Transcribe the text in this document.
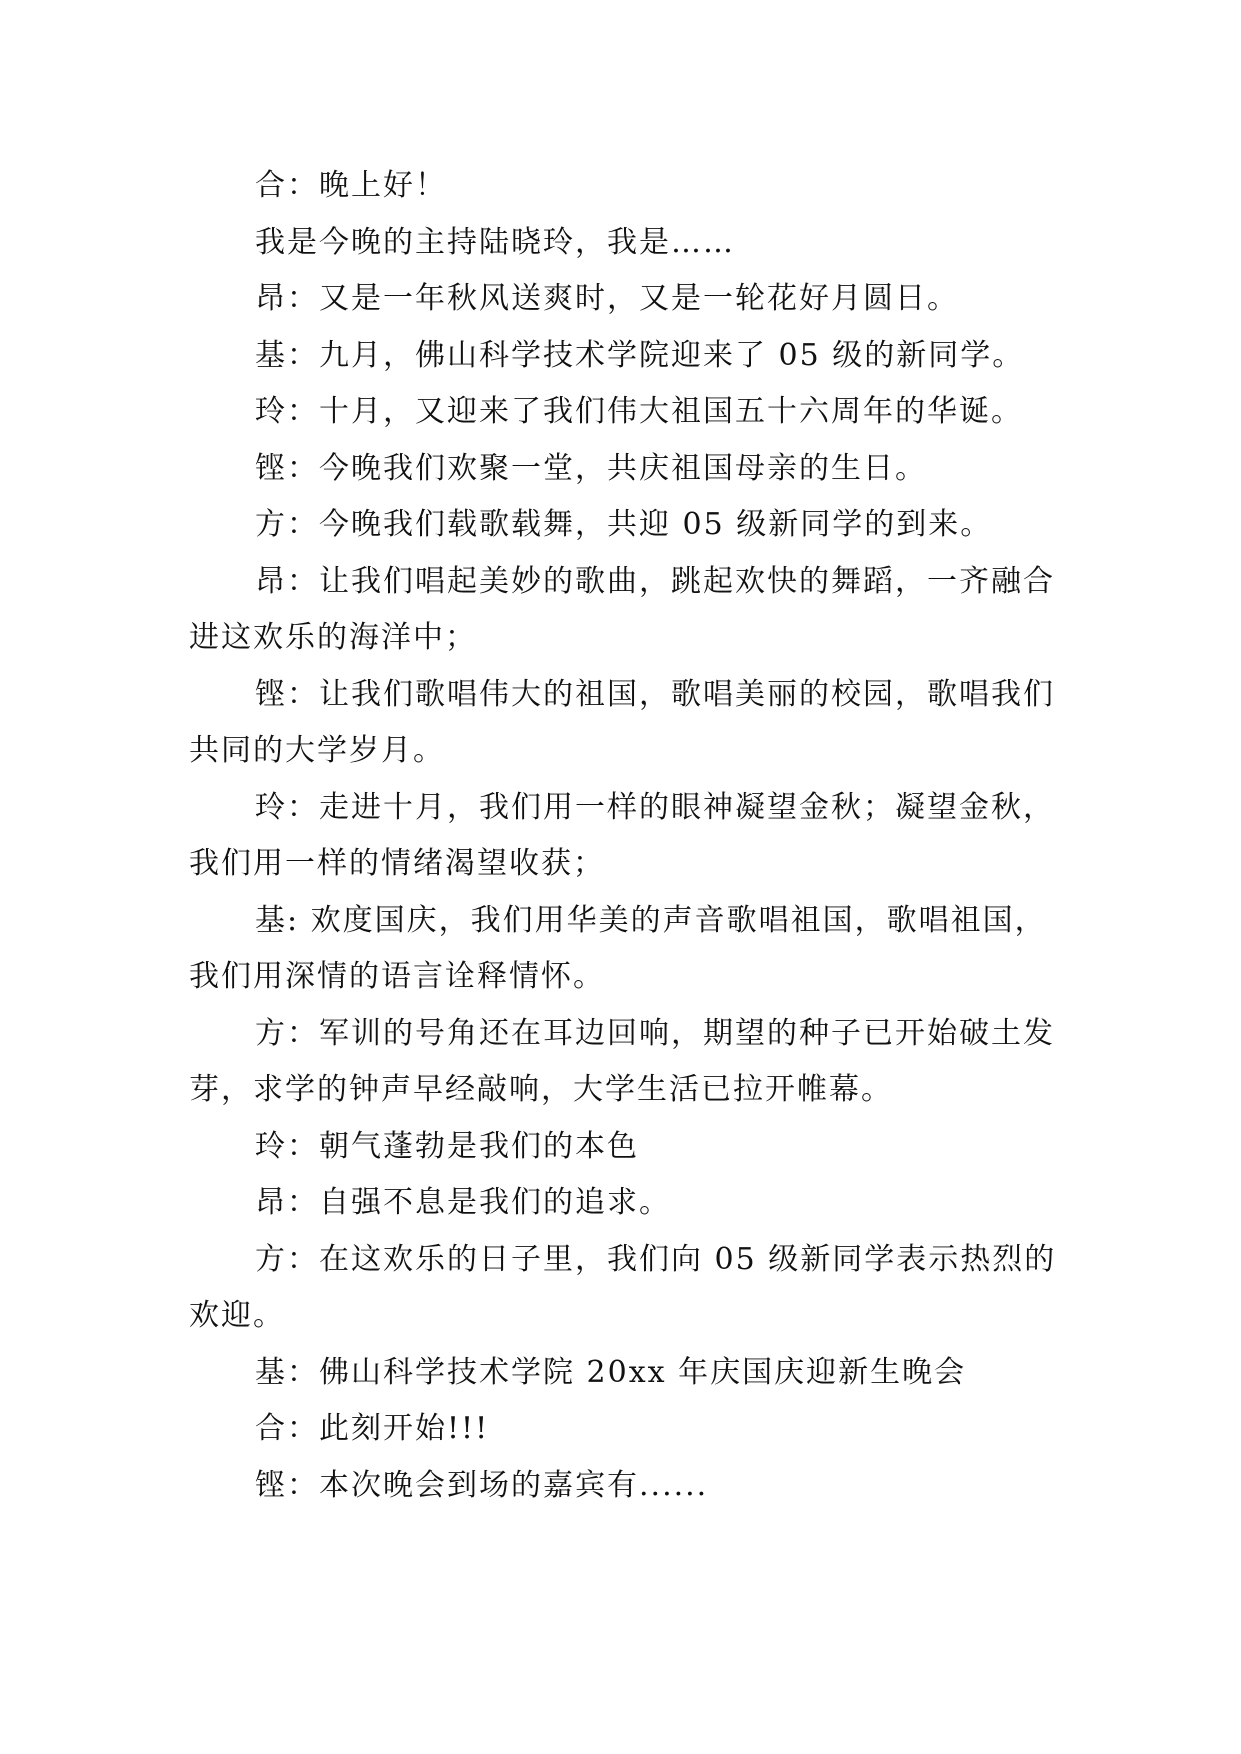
合：晚上好！

我是今晚的主持陆晓玲，我是……

昂：又是一年秋风送爽时，又是一轮花好月圆日。

基：九月，佛山科学技术学院迎来了 05 级的新同学。

玲：十月，又迎来了我们伟大祖国五十六周年的华诞。

铿：今晚我们欢聚一堂，共庆祖国母亲的生日。

方：今晚我们载歌载舞，共迎 05 级新同学的到来。

昂：让我们唱起美妙的歌曲，跳起欢快的舞蹈，一齐融合进这欢乐的海洋中；

铿：让我们歌唱伟大的祖国，歌唱美丽的校园，歌唱我们共同的大学岁月。

玲：走进十月，我们用一样的眼神凝望金秋；凝望金秋，我们用一样的情绪渴望收获；

基: 欢度国庆，我们用华美的声音歌唱祖国，歌唱祖国，我们用深情的语言诠释情怀。

方：军训的号角还在耳边回响，期望的种子已开始破土发芽，求学的钟声早经敲响，大学生活已拉开帷幕。

玲：朝气蓬勃是我们的本色

昂：自强不息是我们的追求。

方：在这欢乐的日子里，我们向 05 级新同学表示热烈的欢迎。

基：佛山科学技术学院 20xx 年庆国庆迎新生晚会

合：此刻开始!!!

铿：本次晚会到场的嘉宾有......
